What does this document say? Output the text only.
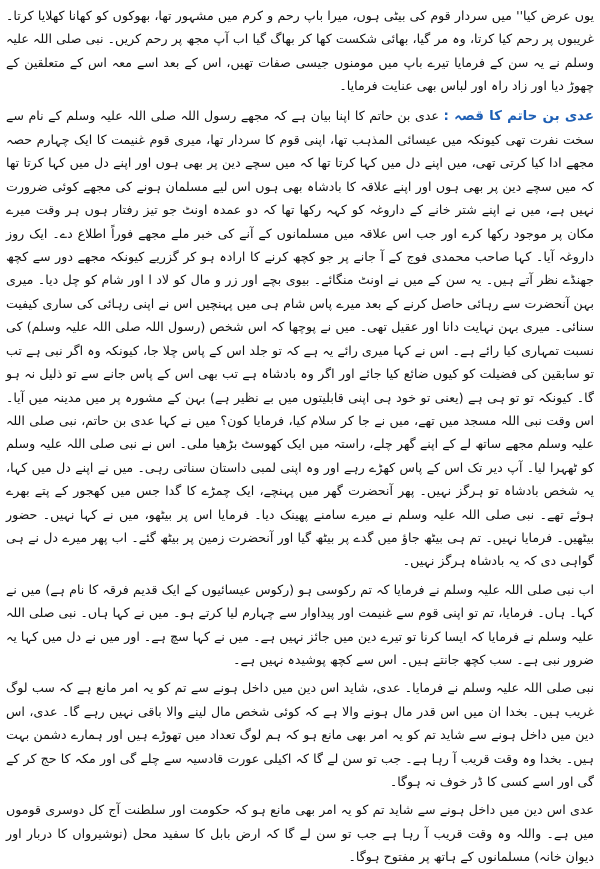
یوں عرض کیا'' میں سردار قوم کی بیٹی ہوں، میرا باپ رحم و کرم میں مشہور تھا، بھوکوں کو کھانا کھلایا کرتا۔ غریبوں پر رحم کیا کرتا، وہ مر گیا، بھائی شکست کھا کر بھاگ گیا اب آپ مجھ پر رحم کریں۔ نبی صلی اللہ علیہ وسلم نے یہ سن کے فرمایا تیرے باپ میں مومنوں جیسی صفات تھیں، اس کے بعد اسے معہ اس کے متعلقین کے چھوڑ دیا اور زاد راہ اور لباس بھی عنایت فرمایا۔

عدی بن حاتم کا قصہ : عدی بن حاتم کا اپنا بیان ہے کہ مجھے رسول اللہ صلی اللہ علیہ وسلم کے نام سے سخت نفرت تھی کیونکہ میں عیسائی المذہب تھا، اپنی قوم کا سردار تھا، میری قوم غنیمت کا ایک چہارم حصہ مجھے ادا کیا کرتی تھی، میں اپنے دل میں کہا کرتا تھا کہ میں سچے دین پر بھی ہوں اور اپنے دل میں کہا کرتا تھا کہ میں سچے دین پر بھی ہوں اور اپنے علاقہ کا بادشاہ بھی ہوں اس لیے مسلمان ہونے کی مجھے کوئی ضرورت نہیں ہے، میں نے اپنے شتر خانے کے داروغہ کو کہہ رکھا تھا کہ دو عمدہ اونٹ جو تیز رفتار ہوں ہر وقت میرے مکان پر موجود رکھا کرے اور جب اس علاقہ میں مسلمانوں کے آنے کی خبر ملے مجھے فوراً اطلاع دے۔ ایک روز داروغہ آیا۔ کہا صاحب محمدی فوج کے آ جانے پر جو کچھ کرنے کا ارادہ ہو کر گزریے کیونکہ مجھے دور سے کچھ جھنڈے نظر آتے ہیں۔ یہ سن کے میں نے اونٹ منگائے۔ بیوی بچے اور زر و مال کو لاد ا اور شام کو چل دیا۔ میری بہن آنحضرت سے رہائی حاصل کرنے کے بعد میرے پاس شام ہی میں پہنچیں اس نے اپنی رہائی کی ساری کیفیت سنائی۔ میری بہن نہایت دانا اور عقیل تھی۔ میں نے پوچھا کہ اس شخص (رسول اللہ صلی اللہ علیہ وسلم) کی نسبت تمہاری کیا رائے ہے۔ اس نے کہا میری رائے یہ ہے کہ تو جلد اس کے پاس چلا جا، کیونکہ وہ اگر نبی ہے تب تو سابقین کی فضیلت کو کیوں ضائع کیا جائے اور اگر وہ بادشاہ ہے تب بھی اس کے پاس جانے سے تو ذلیل نہ ہو گا۔ کیونکہ تو تو ہی ہے (یعنی تو خود ہی اپنی قابلیتوں میں بے نظیر ہے) بہن کے مشورہ پر میں مدینہ میں آیا۔ اس وقت نبی اللہ مسجد میں تھے، میں نے جا کر سلام کیا، فرمایا کون؟ میں نے کہا عدی بن حاتم، نبی صلی اللہ علیہ وسلم مجھے ساتھ لے کے اپنے گھر چلے، راستہ میں ایک کھوسٹ بڑھیا ملی۔ اس نے نبی صلی اللہ علیہ وسلم کو ٹھہرا لیا۔ آپ دیر تک اس کے پاس کھڑے رہے اور وہ اپنی لمبی داستان سناتی رہی۔ میں نے اپنے دل میں کہا، یہ شخص بادشاہ تو ہرگز نہیں۔ پھر آنحضرت گھر میں پہنچے، ایک چمڑے کا گدا جس میں کھجور کے پتے بھرے ہوئے تھے۔ نبی صلی اللہ علیہ وسلم نے میرے سامنے پھینک دیا۔ فرمایا اس پر بیٹھو، میں نے کہا نہیں۔ حضور بیٹھیں۔ فرمایا نہیں۔ تم ہی بیٹھ جاؤ میں گدے پر بیٹھ گیا اور آنحضرت زمین پر بیٹھ گئے۔ اب پھر میرے دل نے ہی گواہی دی کہ یہ بادشاہ ہرگز نہیں۔

اب نبی صلی اللہ علیہ وسلم نے فرمایا کہ تم رکوسی ہو (رکوس عیسائیوں کے ایک قدیم فرقہ کا نام ہے) میں نے کہا۔ ہاں۔ فرمایا، تم تو اپنی قوم سے غنیمت اور پیداوار سے چہارم لیا کرتے ہو۔ میں نے کہا ہاں۔ نبی صلی اللہ علیہ وسلم نے فرمایا کہ ایسا کرنا تو تیرے دین میں جائز نہیں ہے۔ میں نے کہا سچ ہے۔ اور میں نے دل میں کہا یہ ضرور نبی ہے۔ سب کچھ جانتے ہیں۔ اس سے کچھ پوشیدہ نہیں ہے۔

نبی صلی اللہ علیہ وسلم نے فرمایا۔ عدی، شاید اس دین میں داخل ہونے سے تم کو یہ امر مانع ہے کہ سب لوگ غریب ہیں۔ بخدا ان میں اس قدر مال ہونے والا ہے کہ کوئی شخص مال لینے والا باقی نہیں رہے گا۔ عدی، اس دین میں داخل ہونے سے شاید تم کو یہ امر بھی مانع ہو کہ ہم لوگ تعداد میں تھوڑے ہیں اور ہمارے دشمن بہت ہیں۔ بخدا وہ وقت قریب آ رہا ہے۔ جب تو سن لے گا کہ اکیلی عورت قادسیہ سے چلے گی اور مکہ کا حج کر کے گی اور اسے کسی کا ڈر خوف نہ ہوگا۔

عدی اس دین میں داخل ہونے سے شاید تم کو یہ امر بھی مانع ہو کہ حکومت اور سلطنت آج کل دوسری قوموں میں ہے۔ واللہ وہ وقت قریب آ رہا ہے جب تو سن لے گا کہ ارض بابل کا سفید محل (نوشیرواں کا دربار اور دیوان خانہ) مسلمانوں کے ہاتھ پر مفتوح ہوگا۔
